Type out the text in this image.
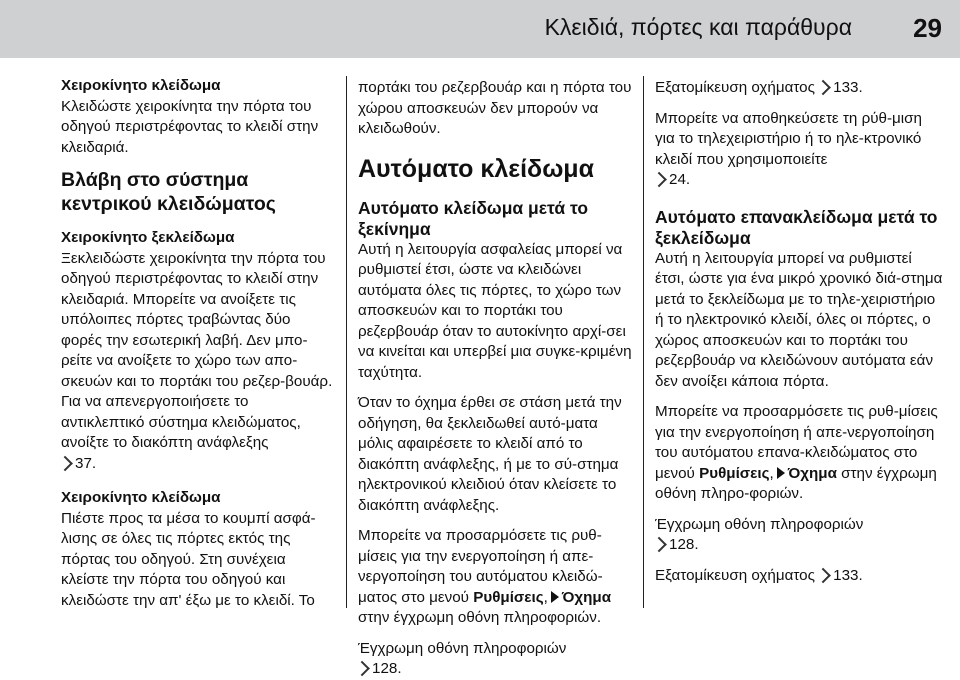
Κλειδιά, πόρτες και παράθυρα 29

Χειροκίνητο κλείδωμα
Κλειδώστε χειροκίνητα την πόρτα του οδηγού περιστρέφοντας το κλειδί στην κλειδαριά.

Βλάβη στο σύστημα κεντρικού κλειδώματος

Χειροκίνητο ξεκλείδωμα
Ξεκλειδώστε χειροκίνητα την πόρτα του οδηγού περιστρέφοντας το κλειδί στην κλειδαριά. Μπορείτε να ανοίξετε τις υπόλοιπες πόρτες τραβώντας δύο φορές την εσωτερική λαβή. Δεν μπο-ρείτε να ανοίξετε το χώρο των απο-σκευών και το πορτάκι του ρεζερ-βουάρ. Για να απενεργοποιήσετε το αντικλεπτικό σύστημα κλειδώματος, ανοίξτε το διακόπτη ανάφλεξης
37.

Χειροκίνητο κλείδωμα
Πιέστε προς τα μέσα το κουμπί ασφά-λισης σε όλες τις πόρτες εκτός της πόρτας του οδηγού. Στη συνέχεια κλείστε την πόρτα του οδηγού και κλειδώστε την απ' έξω με το κλειδί. Το

πορτάκι του ρεζερβουάρ και η πόρτα του χώρου αποσκευών δεν μπορούν να κλειδωθούν.

Αυτόματο κλείδωμα
Αυτόματο κλείδωμα μετά το ξεκίνημα

Αυτή η λειτουργία ασφαλείας μπορεί να ρυθμιστεί έτσι, ώστε να κλειδώνει αυτόματα όλες τις πόρτες, το χώρο των αποσκευών και το πορτάκι του ρεζερβουάρ όταν το αυτοκίνητο αρχί-σει να κινείται και υπερβεί μια συγκε-κριμένη ταχύτητα.

Όταν το όχημα έρθει σε στάση μετά την οδήγηση, θα ξεκλειδωθεί αυτό-ματα μόλις αφαιρέσετε το κλειδί από το διακόπτη ανάφλεξης, ή με το σύ-στημα ηλεκτρονικού κλειδιού όταν κλείσετε το διακόπτη ανάφλεξης.

Μπορείτε να προσαρμόσετε τις ρυθ-μίσεις για την ενεργοποίηση ή απε-νεργοποίηση του αυτόματου κλειδώ-ματος στο μενού Ρυθμίσεις, Όχημα στην έγχρωμη οθόνη πληροφοριών.

Έγχρωμη οθόνη πληροφοριών
128.

Εξατομίκευση οχήματος 133.

Μπορείτε να αποθηκεύσετε τη ρύθ-μιση για το τηλεχειριστήριο ή το ηλε-κτρονικό κλειδί που χρησιμοποιείτε
24.

Αυτόματο επανακλείδωμα μετά το ξεκλείδωμα

Αυτή η λειτουργία μπορεί να ρυθμιστεί έτσι, ώστε για ένα μικρό χρονικό διά-στημα μετά το ξεκλείδωμα με το τηλε-χειριστήριο ή το ηλεκτρονικό κλειδί, όλες οι πόρτες, ο χώρος αποσκευών και το πορτάκι του ρεζερβουάρ να κλειδώνουν αυτόματα εάν δεν ανοίξει κάποια πόρτα.

Μπορείτε να προσαρμόσετε τις ρυθ-μίσεις για την ενεργοποίηση ή απε-νεργοποίηση του αυτόματου επανα-κλειδώματος στο μενού Ρυθμίσεις, Όχημα στην έγχρωμη οθόνη πληρο-φοριών.

Έγχρωμη οθόνη πληροφοριών
128.

Εξατομίκευση οχήματος 133.
